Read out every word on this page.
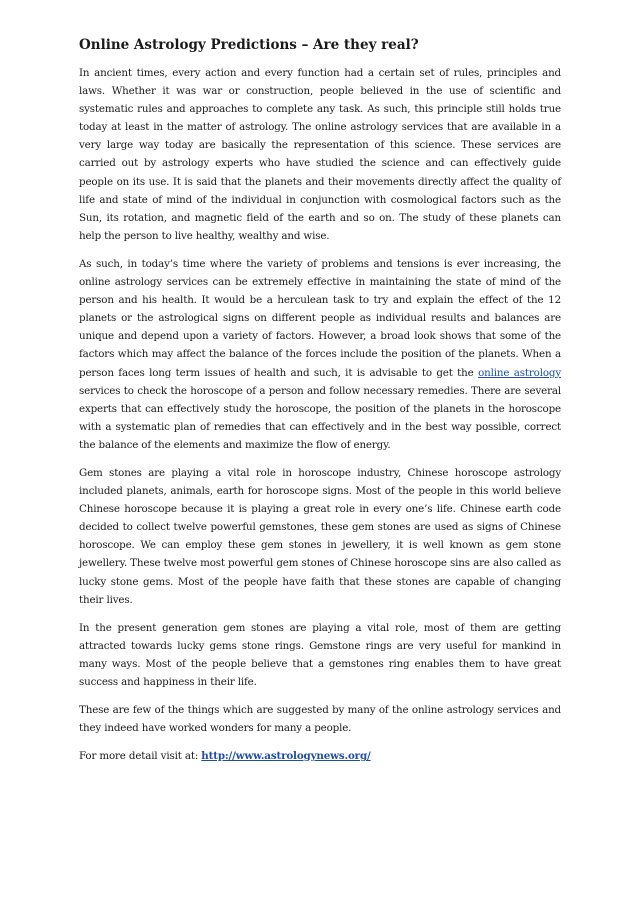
Online Astrology Predictions – Are they real?

In ancient times, every action and every function had a certain set of rules, principles and laws. Whether it was war or construction, people believed in the use of scientific and systematic rules and approaches to complete any task. As such, this principle still holds true today at least in the matter of astrology. The online astrology services that are available in a very large way today are basically the representation of this science. These services are carried out by astrology experts who have studied the science and can effectively guide people on its use. It is said that the planets and their movements directly affect the quality of life and state of mind of the individual in conjunction with cosmological factors such as the Sun, its rotation, and magnetic field of the earth and so on. The study of these planets can help the person to live healthy, wealthy and wise.

As such, in today’s time where the variety of problems and tensions is ever increasing, the online astrology services can be extremely effective in maintaining the state of mind of the person and his health. It would be a herculean task to try and explain the effect of the 12 planets or the astrological signs on different people as individual results and balances are unique and depend upon a variety of factors. However, a broad look shows that some of the factors which may affect the balance of the forces include the position of the planets. When a person faces long term issues of health and such, it is advisable to get the online astrology services to check the horoscope of a person and follow necessary remedies. There are several experts that can effectively study the horoscope, the position of the planets in the horoscope with a systematic plan of remedies that can effectively and in the best way possible, correct the balance of the elements and maximize the flow of energy.

Gem stones are playing a vital role in horoscope industry, Chinese horoscope astrology included planets, animals, earth for horoscope signs. Most of the people in this world believe Chinese horoscope because it is playing a great role in every one’s life. Chinese earth code decided to collect twelve powerful gemstones, these gem stones are used as signs of Chinese horoscope. We can employ these gem stones in jewellery, it is well known as gem stone jewellery. These twelve most powerful gem stones of Chinese horoscope sins are also called as lucky stone gems. Most of the people have faith that these stones are capable of changing their lives.

In the present generation gem stones are playing a vital role, most of them are getting attracted towards lucky gems stone rings. Gemstone rings are very useful for mankind in many ways. Most of the people believe that a gemstones ring enables them to have great success and happiness in their life.

These are few of the things which are suggested by many of the online astrology services and they indeed have worked wonders for many a people.

For more detail visit at: http://www.astrologynews.org/
